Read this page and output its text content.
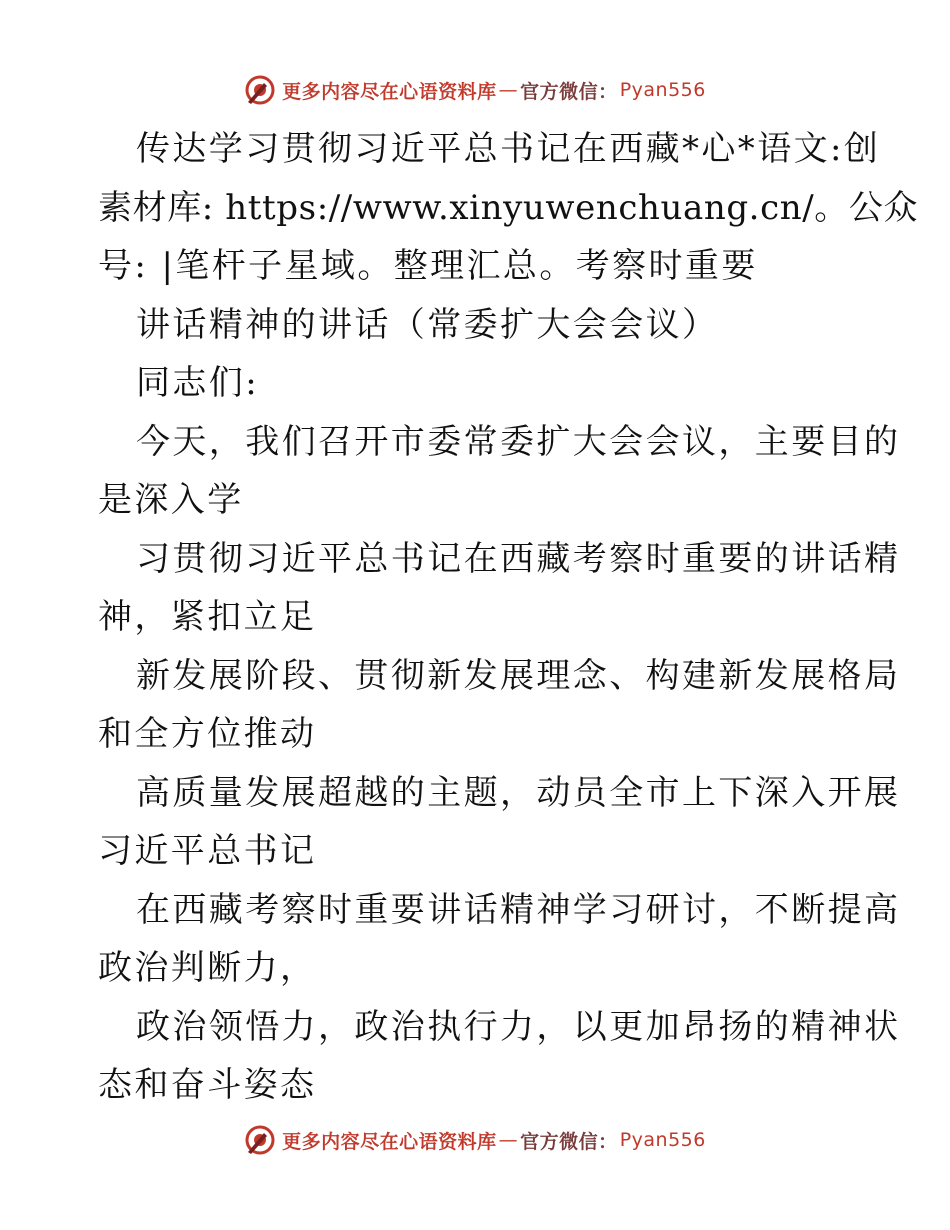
更多内容尽在心语资料库 — 官方微信： Pyan556
传达学习贯彻习近平总书记在西藏*心*语文:创
素材库: https://www.xinyuwenchuang.cn/。公众
号: |笔杆子星域。整理汇总。考察时重要
讲话精神的讲话（常委扩大会会议）
同志们:
今天，我们召开市委常委扩大会会议，主要目的
是深入学
习贯彻习近平总书记在西藏考察时重要的讲话精
神，紧扣立足
新发展阶段、贯彻新发展理念、构建新发展格局
和全方位推动
高质量发展超越的主题，动员全市上下深入开展
习近平总书记
在西藏考察时重要讲话精神学习研讨，不断提高
政治判断力，
政治领悟力，政治执行力，以更加昂扬的精神状
态和奋斗姿态
更多内容尽在心语资料库 — 官方微信： Pyan556
